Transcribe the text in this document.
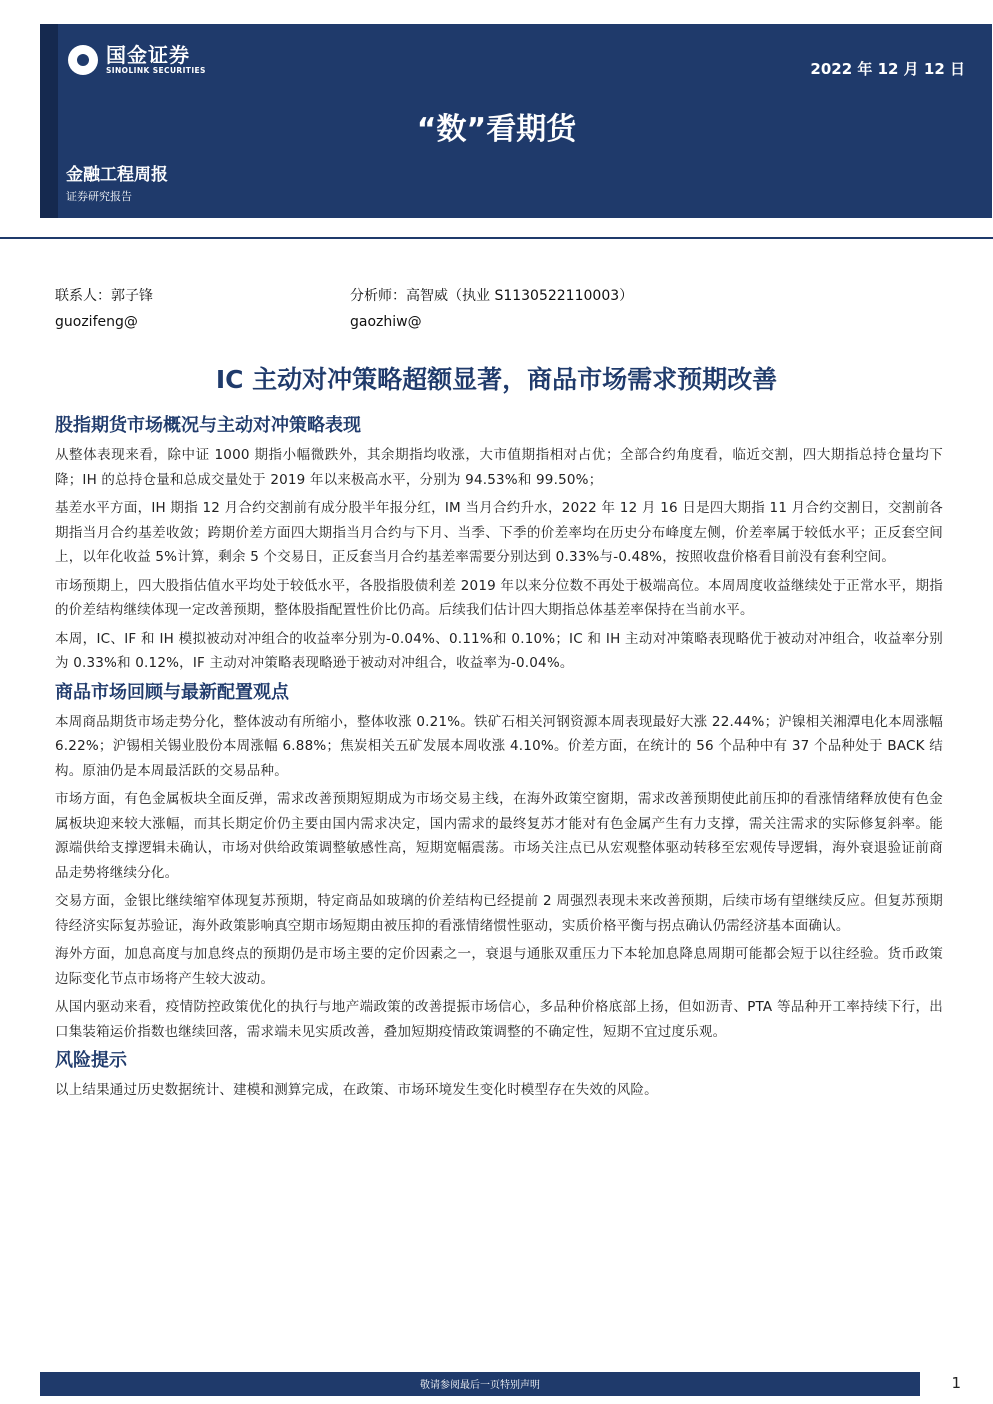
国金证券
SINOLINK SECURITIES	2022 年 12 月 12 日
“数”看期货
金融工程周报
证券研究报告
联系人：郭子锋	分析师：高智威（执业 S1130522110003）
guozifeng@	gaozhiw@
IC 主动对冲策略超额显著，商品市场需求预期改善
股指期货市场概况与主动对冲策略表现

从整体表现来看，除中证 1000 期指小幅微跌外，其余期指均收涨，大市值期指相对占优；全部合约角度看，临近交割，四大期指总持仓量均下降；IH 的总持仓量和总成交量处于 2019 年以来极高水平，分别为 94.53%和 99.50%；

基差水平方面，IH 期指 12 月合约交割前有成分股半年报分红，IM 当月合约升水，2022 年 12 月 16 日是四大期指 11 月合约交割日，交割前各期指当月合约基差收敛；跨期价差方面四大期指当月合约与下月、当季、下季的价差率均在历史分布峰度左侧，价差率属于较低水平；正反套空间上，以年化收益 5%计算，剩余 5 个交易日，正反套当月合约基差率需要分别达到 0.33%与-0.48%，按照收盘价格看目前没有套利空间。

市场预期上，四大股指估值水平均处于较低水平，各股指股债利差 2019 年以来分位数不再处于极端高位。本周周度收益继续处于正常水平，期指的价差结构继续体现一定改善预期，整体股指配置性价比仍高。后续我们估计四大期指总体基差率保持在当前水平。

本周，IC、IF 和 IH 模拟被动对冲组合的收益率分别为-0.04%、0.11%和 0.10%；IC 和 IH 主动对冲策略表现略优于被动对冲组合，收益率分别为 0.33%和 0.12%，IF 主动对冲策略表现略逊于被动对冲组合，收益率为-0.04%。

商品市场回顾与最新配置观点

本周商品期货市场走势分化，整体波动有所缩小，整体收涨 0.21%。铁矿石相关河钢资源本周表现最好大涨 22.44%；沪镍相关湘潭电化本周涨幅 6.22%；沪锡相关锡业股份本周涨幅 6.88%；焦炭相关五矿发展本周收涨 4.10%。价差方面，在统计的 56 个品种中有 37 个品种处于 BACK 结构。原油仍是本周最活跃的交易品种。

市场方面，有色金属板块全面反弹，需求改善预期短期成为市场交易主线，在海外政策空窗期，需求改善预期使此前压抑的看涨情绪释放使有色金属板块迎来较大涨幅，而其长期定价仍主要由国内需求决定，国内需求的最终复苏才能对有色金属产生有力支撑，需关注需求的实际修复斜率。能源端供给支撑逻辑未确认，市场对供给政策调整敏感性高，短期宽幅震荡。市场关注点已从宏观整体驱动转移至宏观传导逻辑，海外衰退验证前商品走势将继续分化。

交易方面，金银比继续缩窄体现复苏预期，特定商品如玻璃的价差结构已经提前 2 周强烈表现未来改善预期，后续市场有望继续反应。但复苏预期待经济实际复苏验证，海外政策影响真空期市场短期由被压抑的看涨情绪惯性驱动，实质价格平衡与拐点确认仍需经济基本面确认。

海外方面，加息高度与加息终点的预期仍是市场主要的定价因素之一，衰退与通胀双重压力下本轮加息降息周期可能都会短于以往经验。货币政策边际变化节点市场将产生较大波动。

从国内驱动来看，疫情防控政策优化的执行与地产端政策的改善提振市场信心，多品种价格底部上扬，但如沥青、PTA 等品种开工率持续下行，出口集装箱运价指数也继续回落，需求端未见实质改善，叠加短期疫情政策调整的不确定性，短期不宜过度乐观。

风险提示

以上结果通过历史数据统计、建模和测算完成，在政策、市场环境发生变化时模型存在失效的风险。

敬请参阅最后一页特别声明	1
